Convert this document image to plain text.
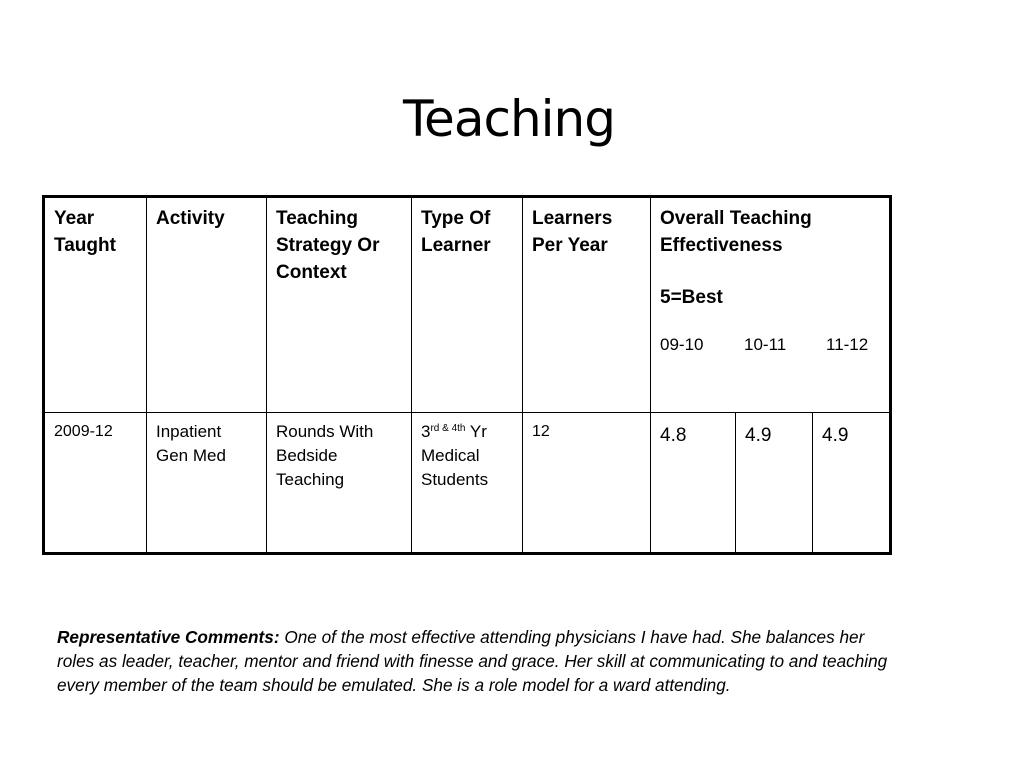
Teaching
Year Taught	Activity	Teaching Strategy Or Context	Type Of Learner	Learners Per Year	Overall Teaching Effectiveness
5=Best
09-10 10-11 11-12		

2009-12	Inpatient Gen Med	Rounds With Bedside Teaching	$3^{rd \& 4th}$ Yr Medical Students	12	4.8	4.9	4.9
Representative Comments: One of the most effective attending physicians I have had. She balances her roles as leader, teacher, mentor and friend with finesse and grace. Her skill at communicating to and teaching every member of the team should be emulated. She is a role model for a ward attending.
